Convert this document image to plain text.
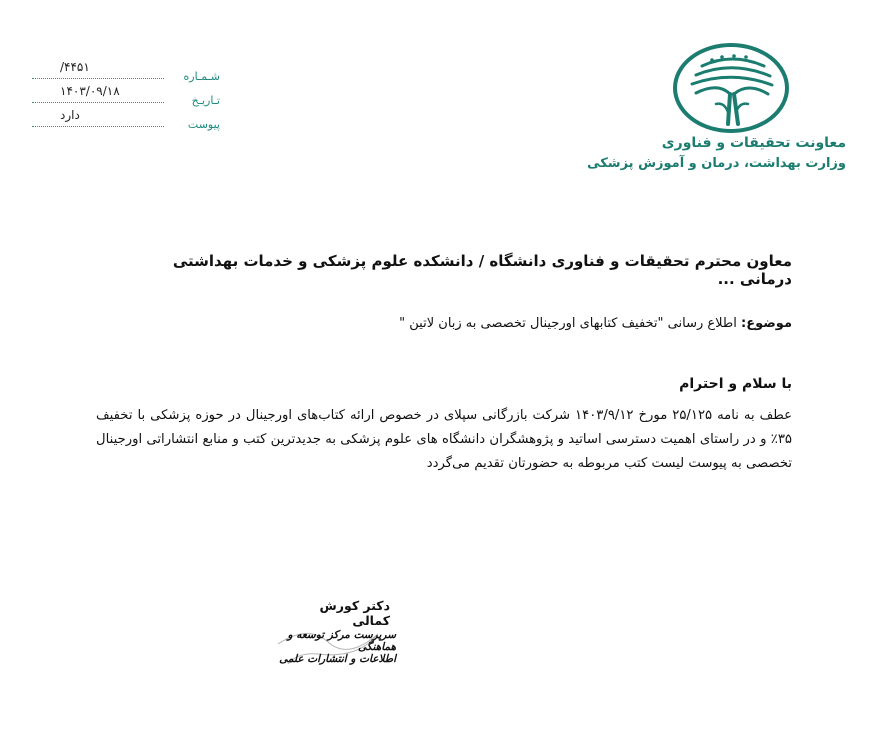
/۴۴۵۱
شـمـاره
۱۴۰۳/۰۹/۱۸
تـاریـخ
دارد
پیوست
معاونت تحقیقات و فناوری
وزارت بهداشت، درمان و آموزش پزشکی
معاون محترم تحقیقات و فناوری دانشگاه / دانشکده علوم پزشکی و خدمات بهداشتی درمانی ...
موضوع: اطلاع رسانی "تخفیف کتابهای اورجینال تخصصی به زبان لاتین "
با سلام و احترام
عطف به نامه ۲۵/۱۲۵ مورخ ۱۴۰۳/۹/۱۲ شرکت بازرگانی سپلای در خصوص ارائه کتاب‌های اورجینال در حوزه پزشکی با تخفیف ۳۵٪ و در راستای اهمیت دسترسی اساتید و پژوهشگران دانشگاه های علوم پزشکی به جدیدترین کتب و منابع انتشاراتی اورجینال تخصصی به پیوست لیست کتب مربوطه به حضورتان تقدیم می‌گردد
دکتر کورش کمالی
سرپرست مرکز توسعه و هماهنگی
اطلاعات و انتشارات علمی
